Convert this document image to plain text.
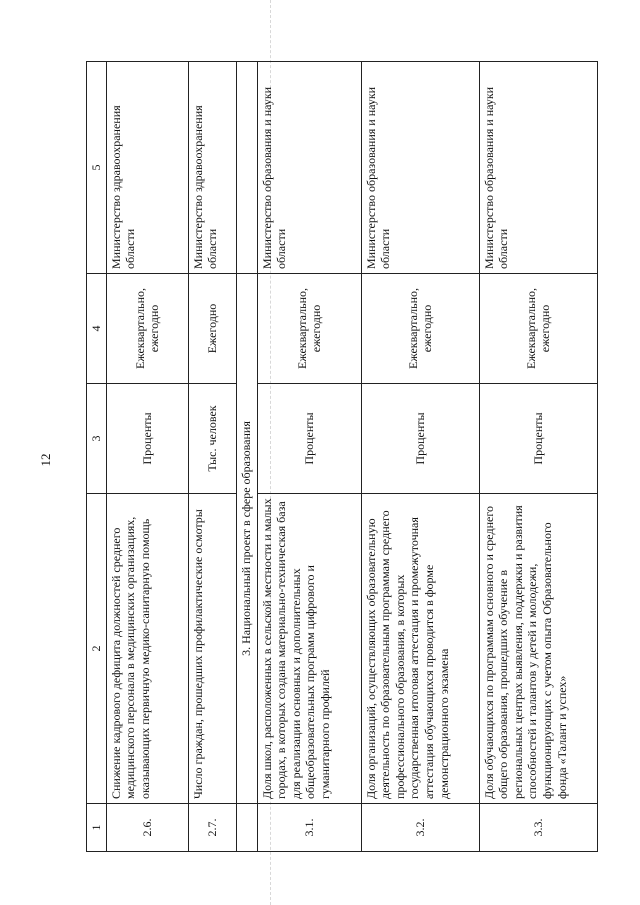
12
1	2	3	4	5
2.6.	Снижение кадрового дефицита должностей среднего медицинского персонала в медицинских организациях, оказывающих первичную медико-санитарную помощь	Проценты	Ежеквартально, ежегодно	Министерство здравоохранения области
2.7.	Число граждан, прошедших профилактические осмотры	Тыс. человек	Ежегодно	Министерство здравоохранения области
	3. Национальный проект в сфере образования			
3.1.	Доля школ, расположенных в сельской местности и малых городах, в которых создана материально-техническая база для реализации основных и дополнительных общеобразовательных программ цифрового и гуманитарного профилей	Проценты	Ежеквартально, ежегодно	Министерство образования и науки области
3.2.	Доля организаций, осуществляющих образовательную деятельность по образовательным программам среднего профессионального образования, в которых государственная итоговая аттестация и промежуточная аттестация обучающихся проводится в форме демонстрационного экзамена	Проценты	Ежеквартально, ежегодно	Министерство образования и науки области
3.3.	Доля обучающихся по программам основного и среднего общего образования, прошедших обучение в региональных центрах выявления, поддержки и развития способностей и талантов у детей и молодежи, функционирующих с учетом опыта Образовательного фонда «Талант и успех»	Проценты	Ежеквартально, ежегодно	Министерство образования и науки области
